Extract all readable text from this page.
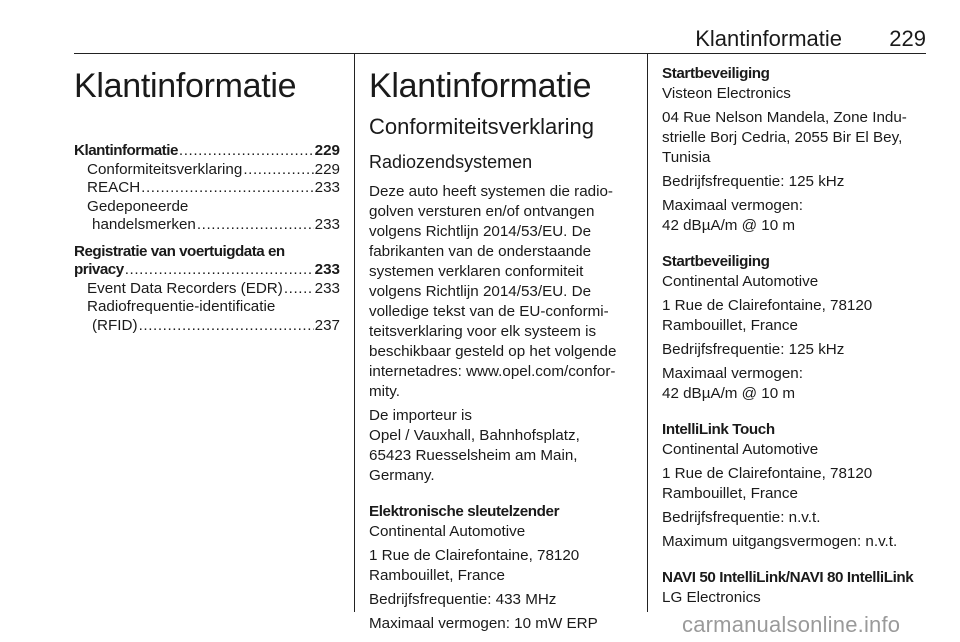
Klantinformatie 229
Klantinformatie
Klantinformatie .....	229
Conformiteitsverklaring .....	229
REACH .....	233
Gedeponeerde
handelsmerken .....	233
Registratie van voertuigdata en
privacy .....	233
Event Data Recorders (EDR) ..... 233
Radiofrequentie-identificatie
(RFID) .....	237
Klantinformatie
Conformiteitsverklaring
Radiozendsystemen
Deze auto heeft systemen die radio-
golven versturen en/of ontvangen
volgens Richtlijn 2014/53/EU. De
fabrikanten van de onderstaande
systemen verklaren conformiteit
volgens Richtlijn 2014/53/EU. De
volledige tekst van de EU-conformi-
teitsverklaring voor elk systeem is
beschikbaar gesteld op het volgende
internetadres: www.opel.com/confor-
mity.
De importeur is
Opel / Vauxhall, Bahnhofsplatz,
65423 Ruesselsheim am Main,
Germany.
Elektronische sleutelzender
Continental Automotive
1 Rue de Clairefontaine, 78120
Rambouillet, France
Bedrijfsfrequentie: 433 MHz
Maximaal vermogen: 10 mW ERP
Startbeveiliging
Visteon Electronics
04 Rue Nelson Mandela, Zone Indu-
strielle Borj Cedria, 2055 Bir El Bey,
Tunisia
Bedrijfsfrequentie: 125 kHz
Maximaal vermogen:
42 dBµA/m @ 10 m
Startbeveiliging
Continental Automotive
1 Rue de Clairefontaine, 78120
Rambouillet, France
Bedrijfsfrequentie: 125 kHz
Maximaal vermogen:
42 dBµA/m @ 10 m
IntelliLink Touch
Continental Automotive
1 Rue de Clairefontaine, 78120
Rambouillet, France
Bedrijfsfrequentie: n.v.t.
Maximum uitgangsvermogen: n.v.t.
NAVI 50 IntelliLink/NAVI 80 IntelliLink
LG Electronics
carmanualsonline.info
